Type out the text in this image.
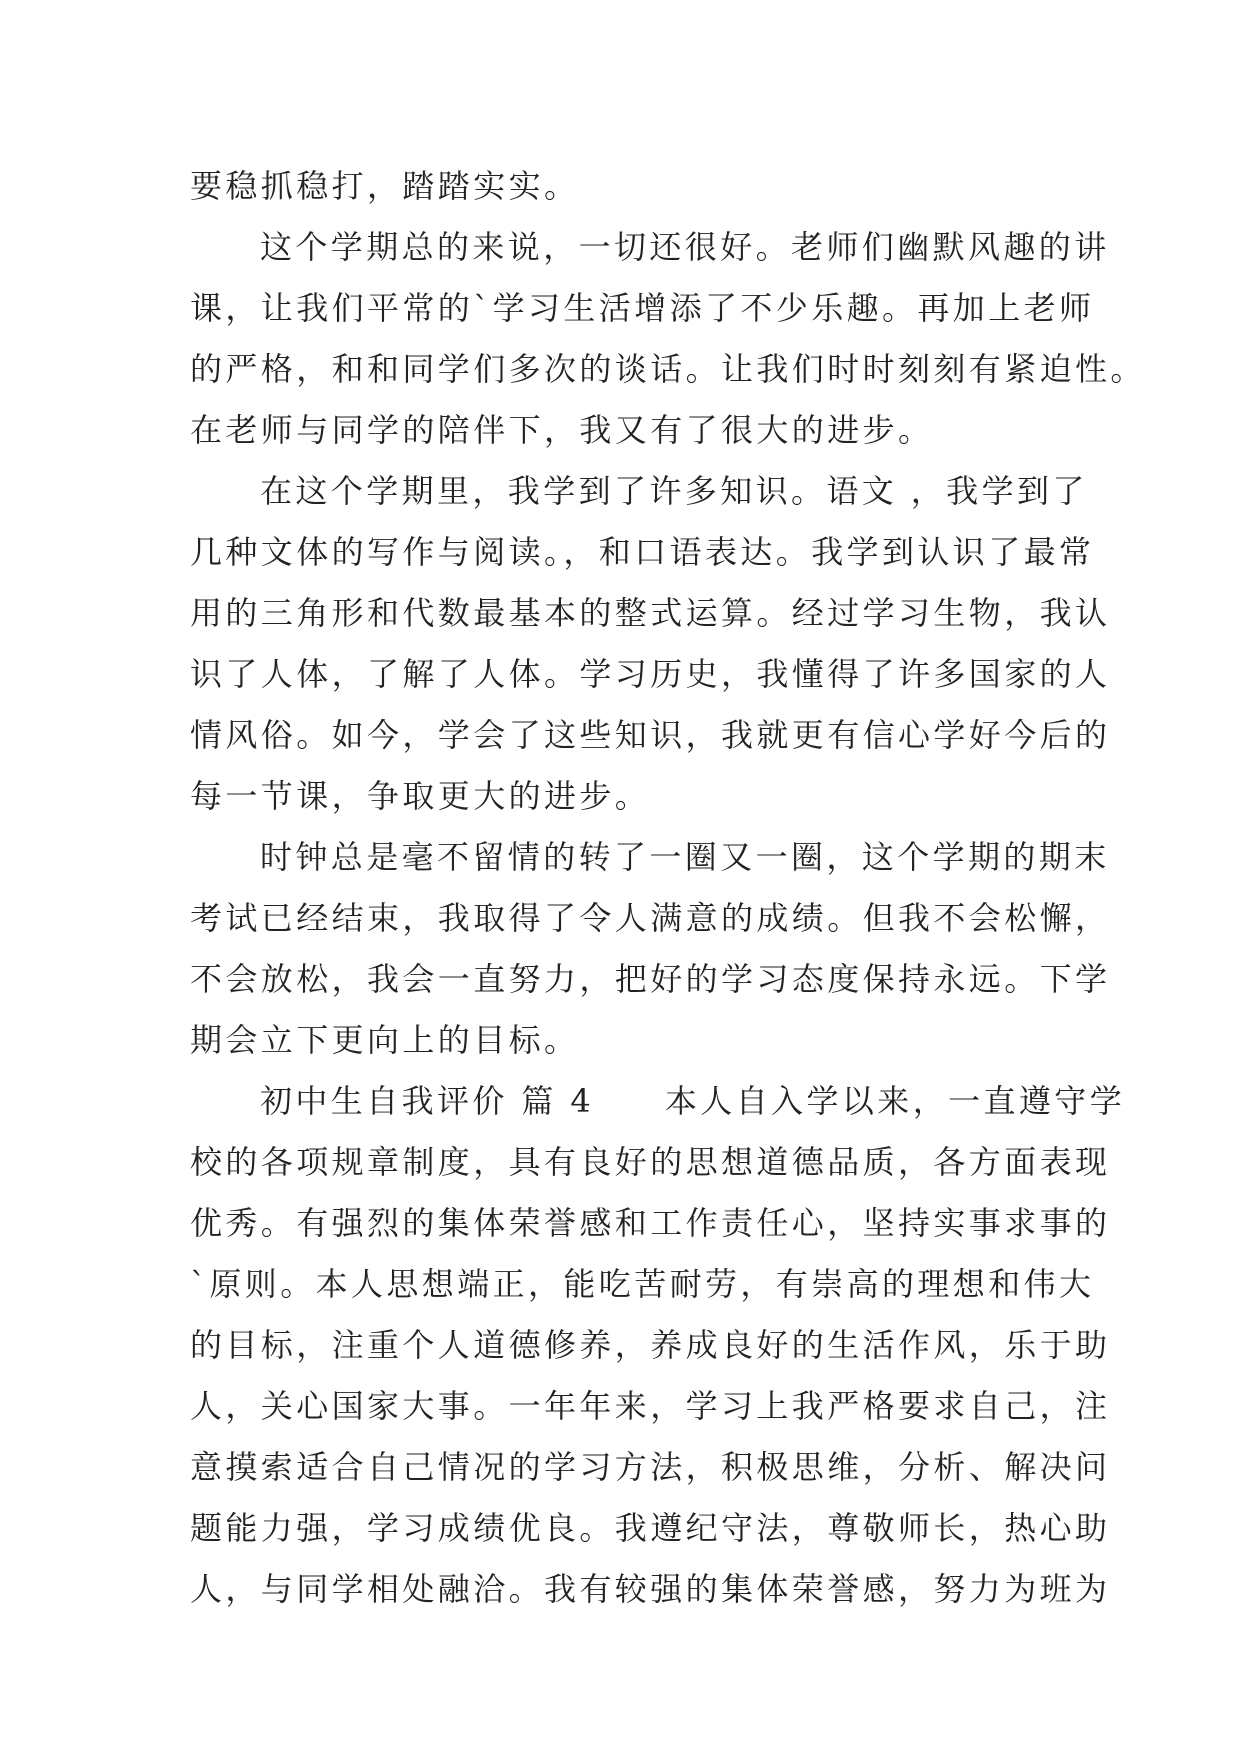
要稳抓稳打，踏踏实实。
这个学期总的来说，一切还很好。老师们幽默风趣的讲
课，让我们平常的`学习生活增添了不少乐趣。再加上老师
的严格，和和同学们多次的谈话。让我们时时刻刻有紧迫性。
在老师与同学的陪伴下，我又有了很大的进步。
在这个学期里，我学到了许多知识。语文 ，我学到了
几种文体的写作与阅读。，和口语表达。我学到认识了最常
用的三角形和代数最基本的整式运算。经过学习生物，我认
识了人体，了解了人体。学习历史，我懂得了许多国家的人
情风俗。如今，学会了这些知识，我就更有信心学好今后的
每一节课，争取更大的进步。
时钟总是毫不留情的转了一圈又一圈，这个学期的期末
考试已经结束，我取得了令人满意的成绩。但我不会松懈，
不会放松，我会一直努力，把好的学习态度保持永远。下学
期会立下更向上的目标。
初中生自我评价 篇 4　　本人自入学以来，一直遵守学
校的各项规章制度，具有良好的思想道德品质，各方面表现
优秀。有强烈的集体荣誉感和工作责任心，坚持实事求事的
`原则。本人思想端正，能吃苦耐劳，有崇高的理想和伟大
的目标，注重个人道德修养，养成良好的生活作风，乐于助
人，关心国家大事。一年年来，学习上我严格要求自己，注
意摸索适合自己情况的学习方法，积极思维，分析、解决问
题能力强，学习成绩优良。我遵纪守法，尊敬师长，热心助
人，与同学相处融洽。我有较强的集体荣誉感，努力为班为
